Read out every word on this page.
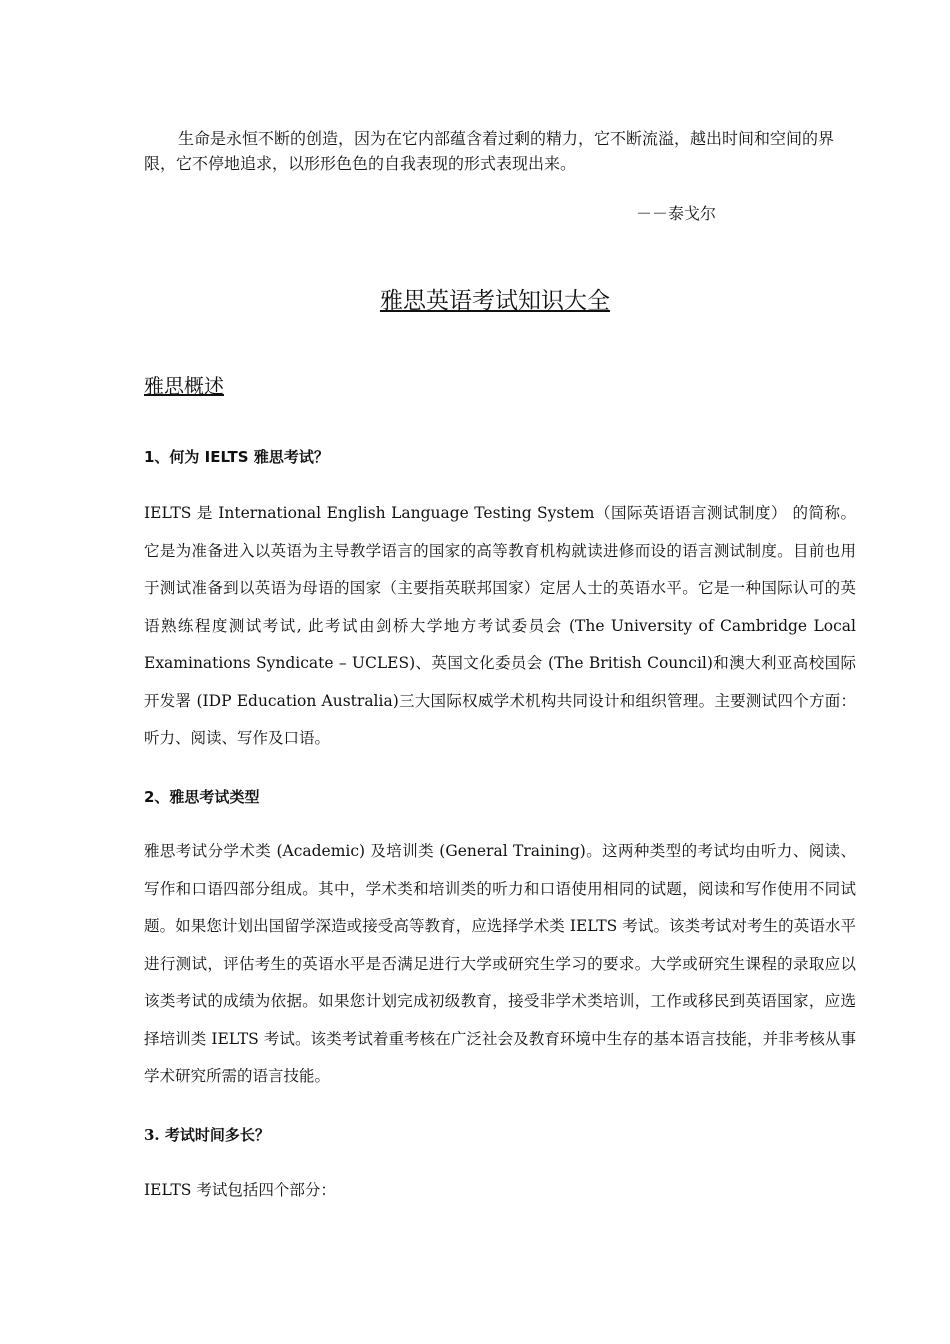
生命是永恒不断的创造，因为在它内部蕴含着过剩的精力，它不断流溢，越出时间和空间的界限，它不停地追求，以形形色色的自我表现的形式表现出来。

－－泰戈尔

雅思英语考试知识大全
雅思概述
1、何为 IELTS 雅思考试？

IELTS 是 International English Language Testing System（国际英语语言测试制度） 的简称。它是为准备进入以英语为主导教学语言的国家的高等教育机构就读进修而设的语言测试制度。目前也用于测试准备到以英语为母语的国家（主要指英联邦国家）定居人士的英语水平。它是一种国际认可的英语熟练程度测试考试, 此考试由剑桥大学地方考试委员会 (The University of Cambridge Local Examinations Syndicate – UCLES)、英国文化委员会 (The British Council)和澳大利亚高校国际开发署 (IDP Education Australia)三大国际权威学术机构共同设计和组织管理。主要测试四个方面：听力、阅读、写作及口语。

2、雅思考试类型

雅思考试分学术类 (Academic) 及培训类 (General Training)。这两种类型的考试均由听力、阅读、写作和口语四部分组成。其中，学术类和培训类的听力和口语使用相同的试题，阅读和写作使用不同试题。如果您计划出国留学深造或接受高等教育，应选择学术类 IELTS 考试。该类考试对考生的英语水平进行测试，评估考生的英语水平是否满足进行大学或研究生学习的要求。大学或研究生课程的录取应以该类考试的成绩为依据。如果您计划完成初级教育，接受非学术类培训，工作或移民到英语国家，应选择培训类 IELTS 考试。该类考试着重考核在广泛社会及教育环境中生存的基本语言技能，并非考核从事学术研究所需的语言技能。

3. 考试时间多长？

IELTS 考试包括四个部分：
